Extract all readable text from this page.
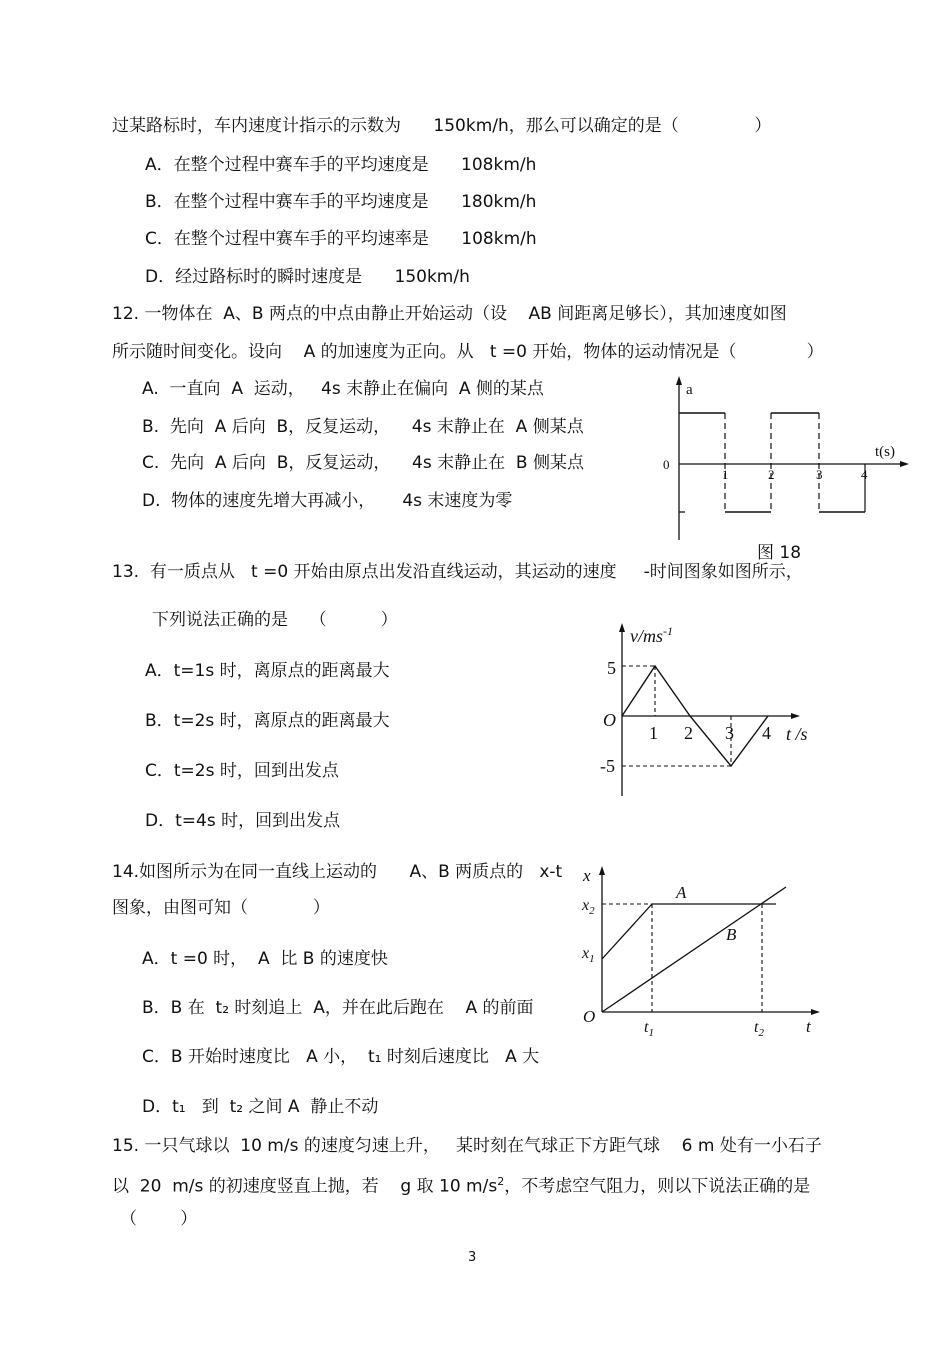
过某路标时，车内速度计指示的示数为      150km/h，那么可以确定的是（              ）
A．在整个过程中赛车手的平均速度是      108km/h
B．在整个过程中赛车手的平均速度是      180km/h
C．在整个过程中赛车手的平均速率是      108km/h
D．经过路标时的瞬时速度是      150km/h
12. 一物体在  A、B 两点的中点由静止开始运动（设    AB 间距离足够长），其加速度如图
所示随时间变化。设向    A 的加速度为正向。从   t =0 开始，物体的运动情况是（             ）
A.  一直向  A  运动，   4s 末静止在偏向  A 侧的某点
B.  先向  A 后向  B，反复运动，    4s 末静止在  A 侧某点
C.  先向  A 后向  B，反复运动，    4s 末静止在  B 侧某点
D.  物体的速度先增大再减小，     4s 末速度为零
a
t(s)
0
1	2	3	4
图 18
13.  有一质点从   t =0 开始由原点出发沿直线运动，其运动的速度     -时间图象如图所示，
下列说法正确的是    （          ）
A．t=1s 时，离原点的距离最大
B．t=2s 时，离原点的距离最大
C．t=2s 时，回到出发点
D．t=4s 时，回到出发点
$v/ms^{-1}$
t /s
O
5
-5
1 2 3 4
14.如图所示为在同一直线上运动的      A、B 两质点的   x-t
图象，由图可知（            ）
A．t =0 时，  A  比 B 的速度快
B．B 在  t₂ 时刻追上  A，并在此后跑在    A 的前面
C．B 开始时速度比   A 小，  t₁ 时刻后速度比   A 大
D．t₁   到  t₂ 之间 A  静止不动
x
t
O
$x_2$
$x_1$
A
B
$t_1$	$t_2$
15. 一只气球以  10 m/s 的速度匀速上升，   某时刻在气球正下方距气球    6 m 处有一小石子
以  20  m/s 的初速度竖直上抛，若    g 取 10 $m/s^2$，不考虑空气阻力，则以下说法正确的是
（        ）
3
